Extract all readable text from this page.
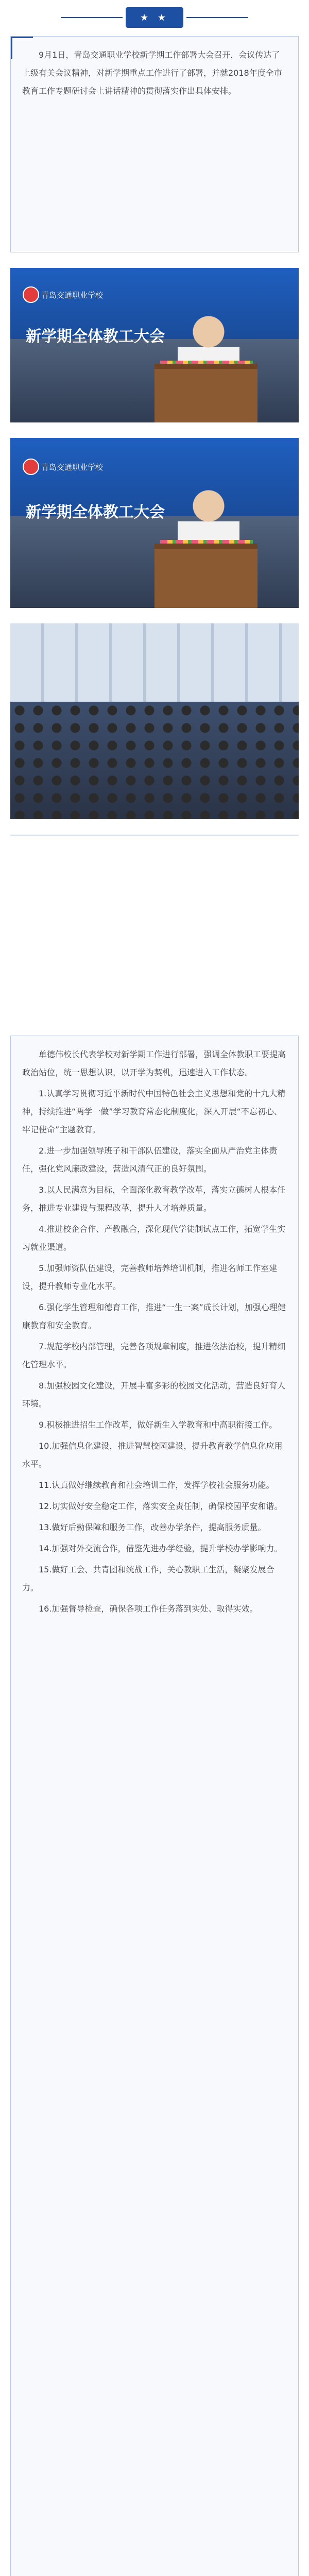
★ ★

9月1日，青岛交通职业学校新学期工作部署大会召开，会议传达了上级有关会议精神，对新学期重点工作进行了部署，并就2018年度全市教育工作专题研讨会上讲话精神的贯彻落实作出具体安排。

青岛交通职业学校
新学期全体教工大会
青岛交通职业学校
新学期全体教工大会

单德伟校长代表学校对新学期工作进行部署，强调全体教职工要提高政治站位，统一思想认识，以开学为契机，迅速进入工作状态。

1.认真学习贯彻习近平新时代中国特色社会主义思想和党的十九大精神，持续推进“两学一做”学习教育常态化制度化，深入开展“不忘初心、牢记使命”主题教育。

2.进一步加强领导班子和干部队伍建设，落实全面从严治党主体责任，强化党风廉政建设，营造风清气正的良好氛围。

3.以人民满意为目标，全面深化教育教学改革，落实立德树人根本任务，推进专业建设与课程改革，提升人才培养质量。

4.推进校企合作、产教融合，深化现代学徒制试点工作，拓宽学生实习就业渠道。

5.加强师资队伍建设，完善教师培养培训机制，推进名师工作室建设，提升教师专业化水平。

6.强化学生管理和德育工作，推进“一生一案”成长计划，加强心理健康教育和安全教育。

7.规范学校内部管理，完善各项规章制度，推进依法治校，提升精细化管理水平。

8.加强校园文化建设，开展丰富多彩的校园文化活动，营造良好育人环境。

9.积极推进招生工作改革，做好新生入学教育和中高职衔接工作。

10.加强信息化建设，推进智慧校园建设，提升教育教学信息化应用水平。

11.认真做好继续教育和社会培训工作，发挥学校社会服务功能。

12.切实做好安全稳定工作，落实安全责任制，确保校园平安和谐。

13.做好后勤保障和服务工作，改善办学条件，提高服务质量。

14.加强对外交流合作，借鉴先进办学经验，提升学校办学影响力。

15.做好工会、共青团和统战工作，关心教职工生活，凝聚发展合力。

16.加强督导检查，确保各项工作任务落到实处、取得实效。
